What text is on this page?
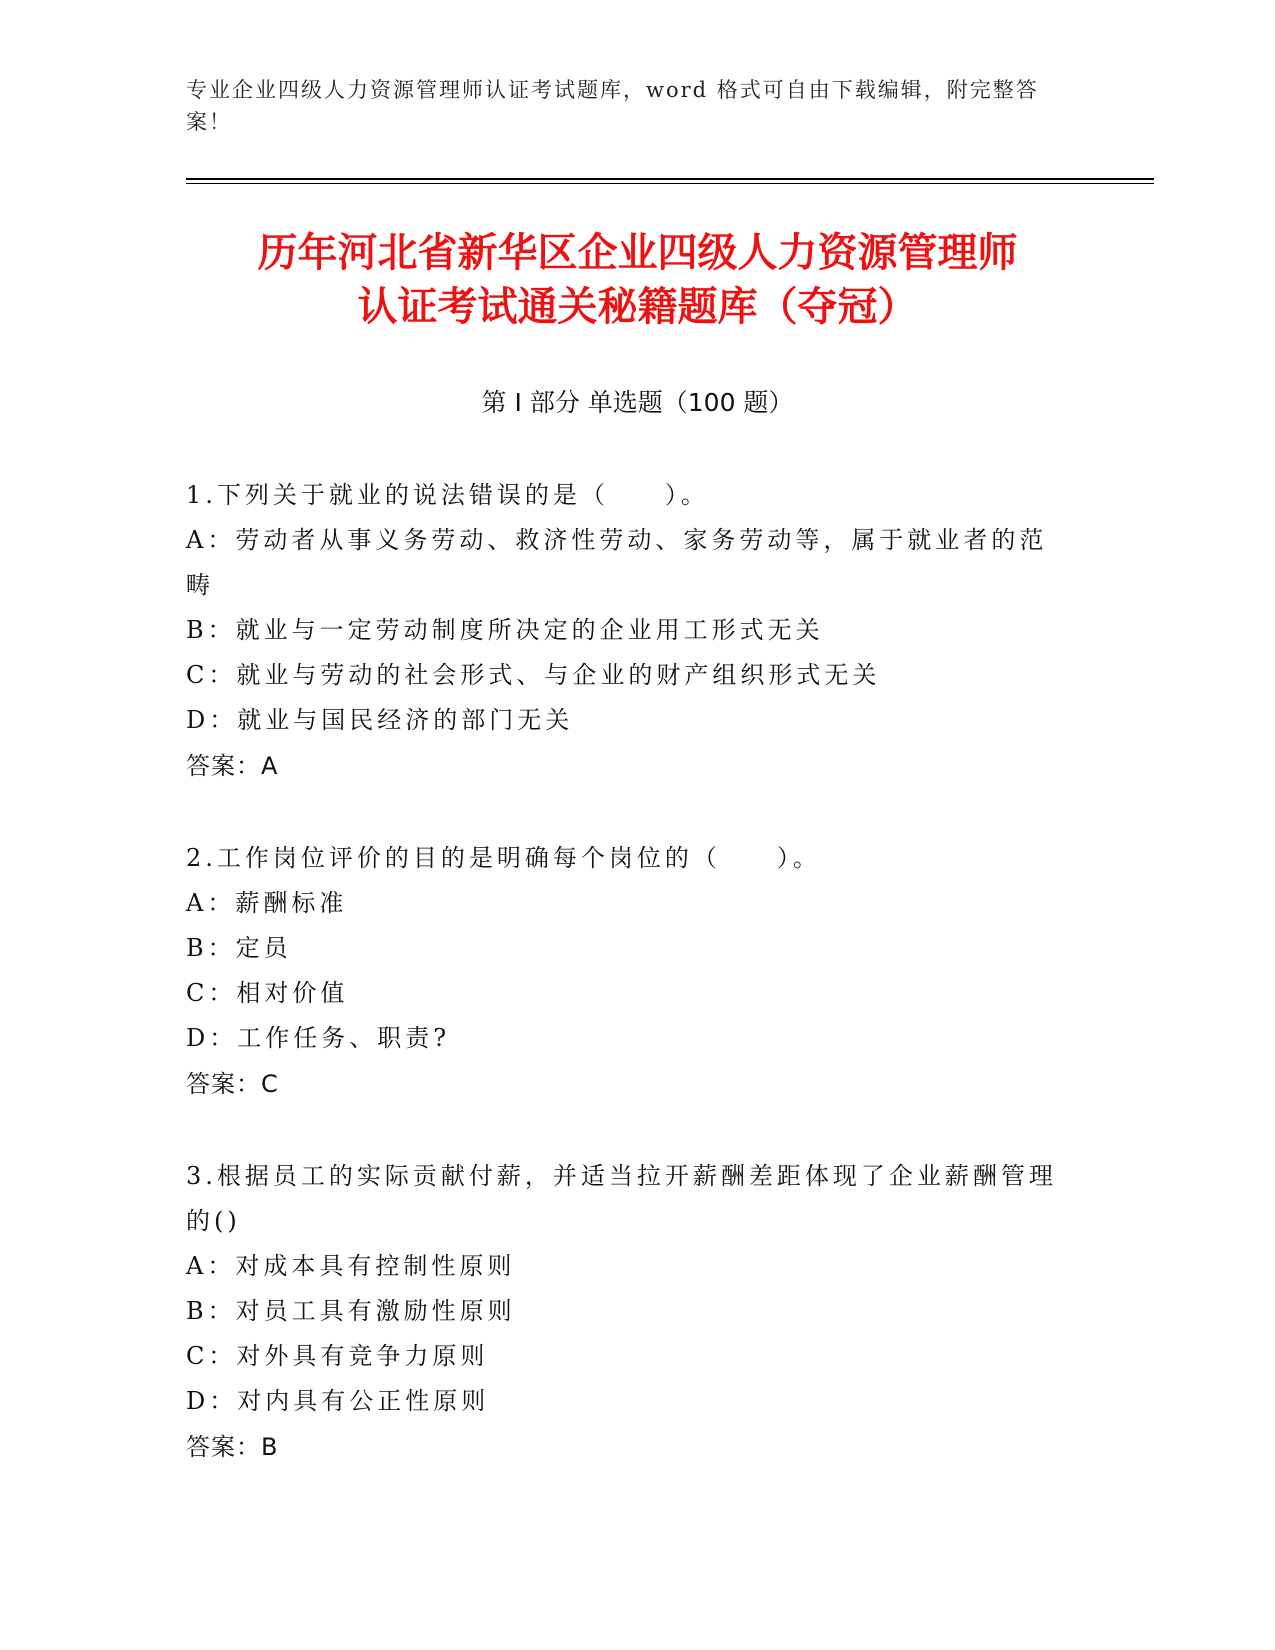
专业企业四级人力资源管理师认证考试题库，word 格式可自由下载编辑，附完整答案！
历年河北省新华区企业四级人力资源管理师
认证考试通关秘籍题库（夺冠）
第 I 部分 单选题（100 题）
1.下列关于就业的说法错误的是（　　）。
A：劳动者从事义务劳动、救济性劳动、家务劳动等，属于就业者的范畴
B：就业与一定劳动制度所决定的企业用工形式无关
C：就业与劳动的社会形式、与企业的财产组织形式无关
D：就业与国民经济的部门无关
答案：A
2.工作岗位评价的目的是明确每个岗位的（　　）。
A：薪酬标准
B：定员
C：相对价值
D：工作任务、职责?
答案：C
3.根据员工的实际贡献付薪，并适当拉开薪酬差距体现了企业薪酬管理的()
A：对成本具有控制性原则
B：对员工具有激励性原则
C：对外具有竞争力原则
D：对内具有公正性原则
答案：B
